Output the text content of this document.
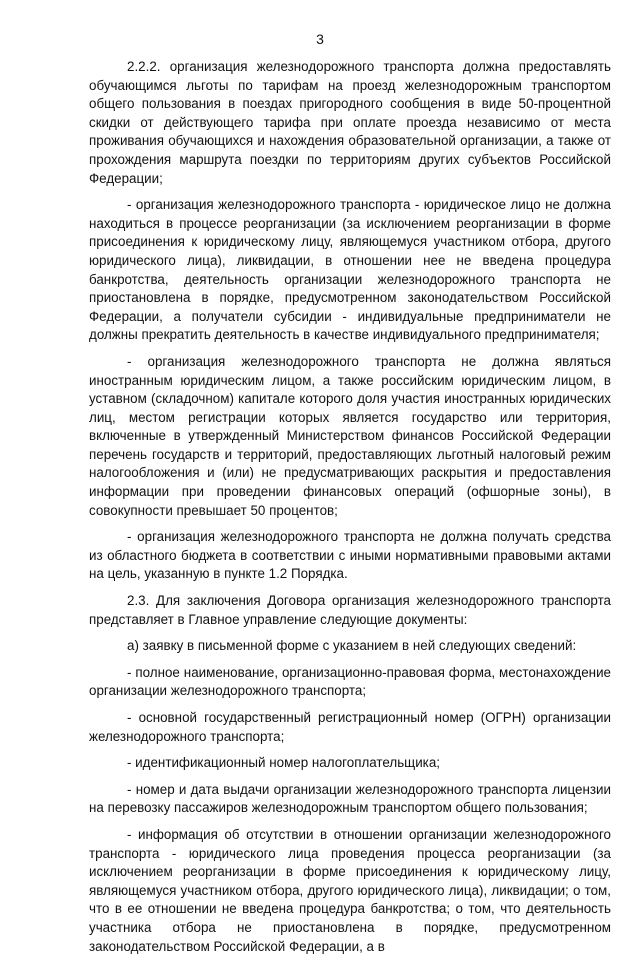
3

2.2.2. организация железнодорожного транспорта должна предоставлять обучающимся льготы по тарифам на проезд железнодорожным транспортом общего пользования в поездах пригородного сообщения в виде 50-процентной скидки от действующего тарифа при оплате проезда независимо от места проживания обучающихся и нахождения образовательной организации, а также от прохождения маршрута поездки по территориям других субъектов Российской Федерации;

- организация железнодорожного транспорта - юридическое лицо не должна находиться в процессе реорганизации (за исключением реорганизации в форме присоединения к юридическому лицу, являющемуся участником отбора, другого юридического лица), ликвидации, в отношении нее не введена процедура банкротства, деятельность организации железнодорожного транспорта не приостановлена в порядке, предусмотренном законодательством Российской Федерации, а получатели субсидии - индивидуальные предприниматели не должны прекратить деятельность в качестве индивидуального предпринимателя;

- организация железнодорожного транспорта не должна являться иностранным юридическим лицом, а также российским юридическим лицом, в уставном (складочном) капитале которого доля участия иностранных юридических лиц, местом регистрации которых является государство или территория, включенные в утвержденный Министерством финансов Российской Федерации перечень государств и территорий, предоставляющих льготный налоговый режим налогообложения и (или) не предусматривающих раскрытия и предоставления информации при проведении финансовых операций (офшорные зоны), в совокупности превышает 50 процентов;

- организация железнодорожного транспорта не должна получать средства из областного бюджета в соответствии с иными нормативными правовыми актами на цель, указанную в пункте 1.2 Порядка.

2.3. Для заключения Договора организация железнодорожного транспорта представляет в Главное управление следующие документы:

а) заявку в письменной форме с указанием в ней следующих сведений:

- полное наименование, организационно-правовая форма, местонахождение организации железнодорожного транспорта;

- основной государственный регистрационный номер (ОГРН) организации железнодорожного транспорта;

- идентификационный номер налогоплательщика;

- номер и дата выдачи организации железнодорожного транспорта лицензии на перевозку пассажиров железнодорожным транспортом общего пользования;

- информация об отсутствии в отношении организации железнодорожного транспорта - юридического лица проведения процесса реорганизации (за исключением реорганизации в форме присоединения к юридическому лицу, являющемуся участником отбора, другого юридического лица), ликвидации; о том, что в ее отношении не введена процедура банкротства; о том, что деятельность участника отбора не приостановлена в порядке, предусмотренном законодательством Российской Федерации, а в
